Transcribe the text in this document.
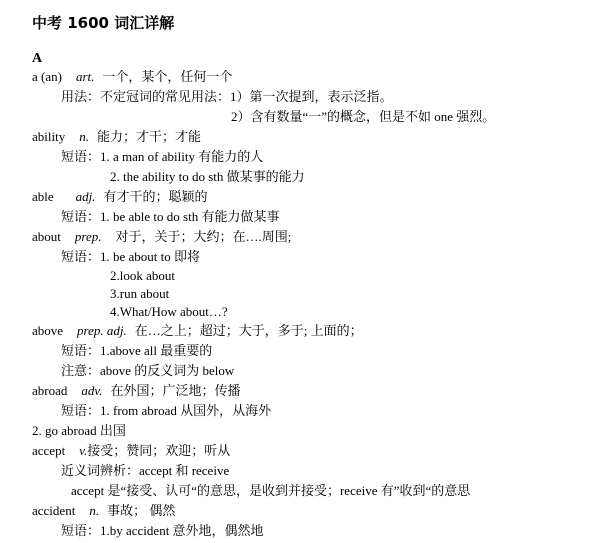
中考 1600 词汇详解
A
a (an) art. 一个，某个，任何一个
用法：不定冠词的常见用法：1）第一次提到，表示泛指。
2）含有数量“一”的概念，但是不如 one 强烈。
ability n. 能力；才干；才能
短语：1. a man of ability 有能力的人
2. the ability to do sth 做某事的能力
able adj. 有才干的；聪颖的
短语：1. be able to do sth 有能力做某事
about prep. 对于，关于；大约；在….周围;
短语：1. be about to 即将
2.look about
3.run about
4.What/How about…?
above prep. adj. 在…之上；超过；大于，多于; 上面的；
短语：1.above all 最重要的
注意：above 的反义词为 below
abroad adv. 在外国；广泛地；传播
短语：1. from abroad 从国外，从海外
2. go abroad 出国
accept v.接受；赞同；欢迎；听从
近义词辨析：accept 和 receive
accept 是“接受、认可“的意思，是收到并接受；receive 有”收到“的意思
accident n. 事故； 偶然
短语：1.by accident 意外地，偶然地
